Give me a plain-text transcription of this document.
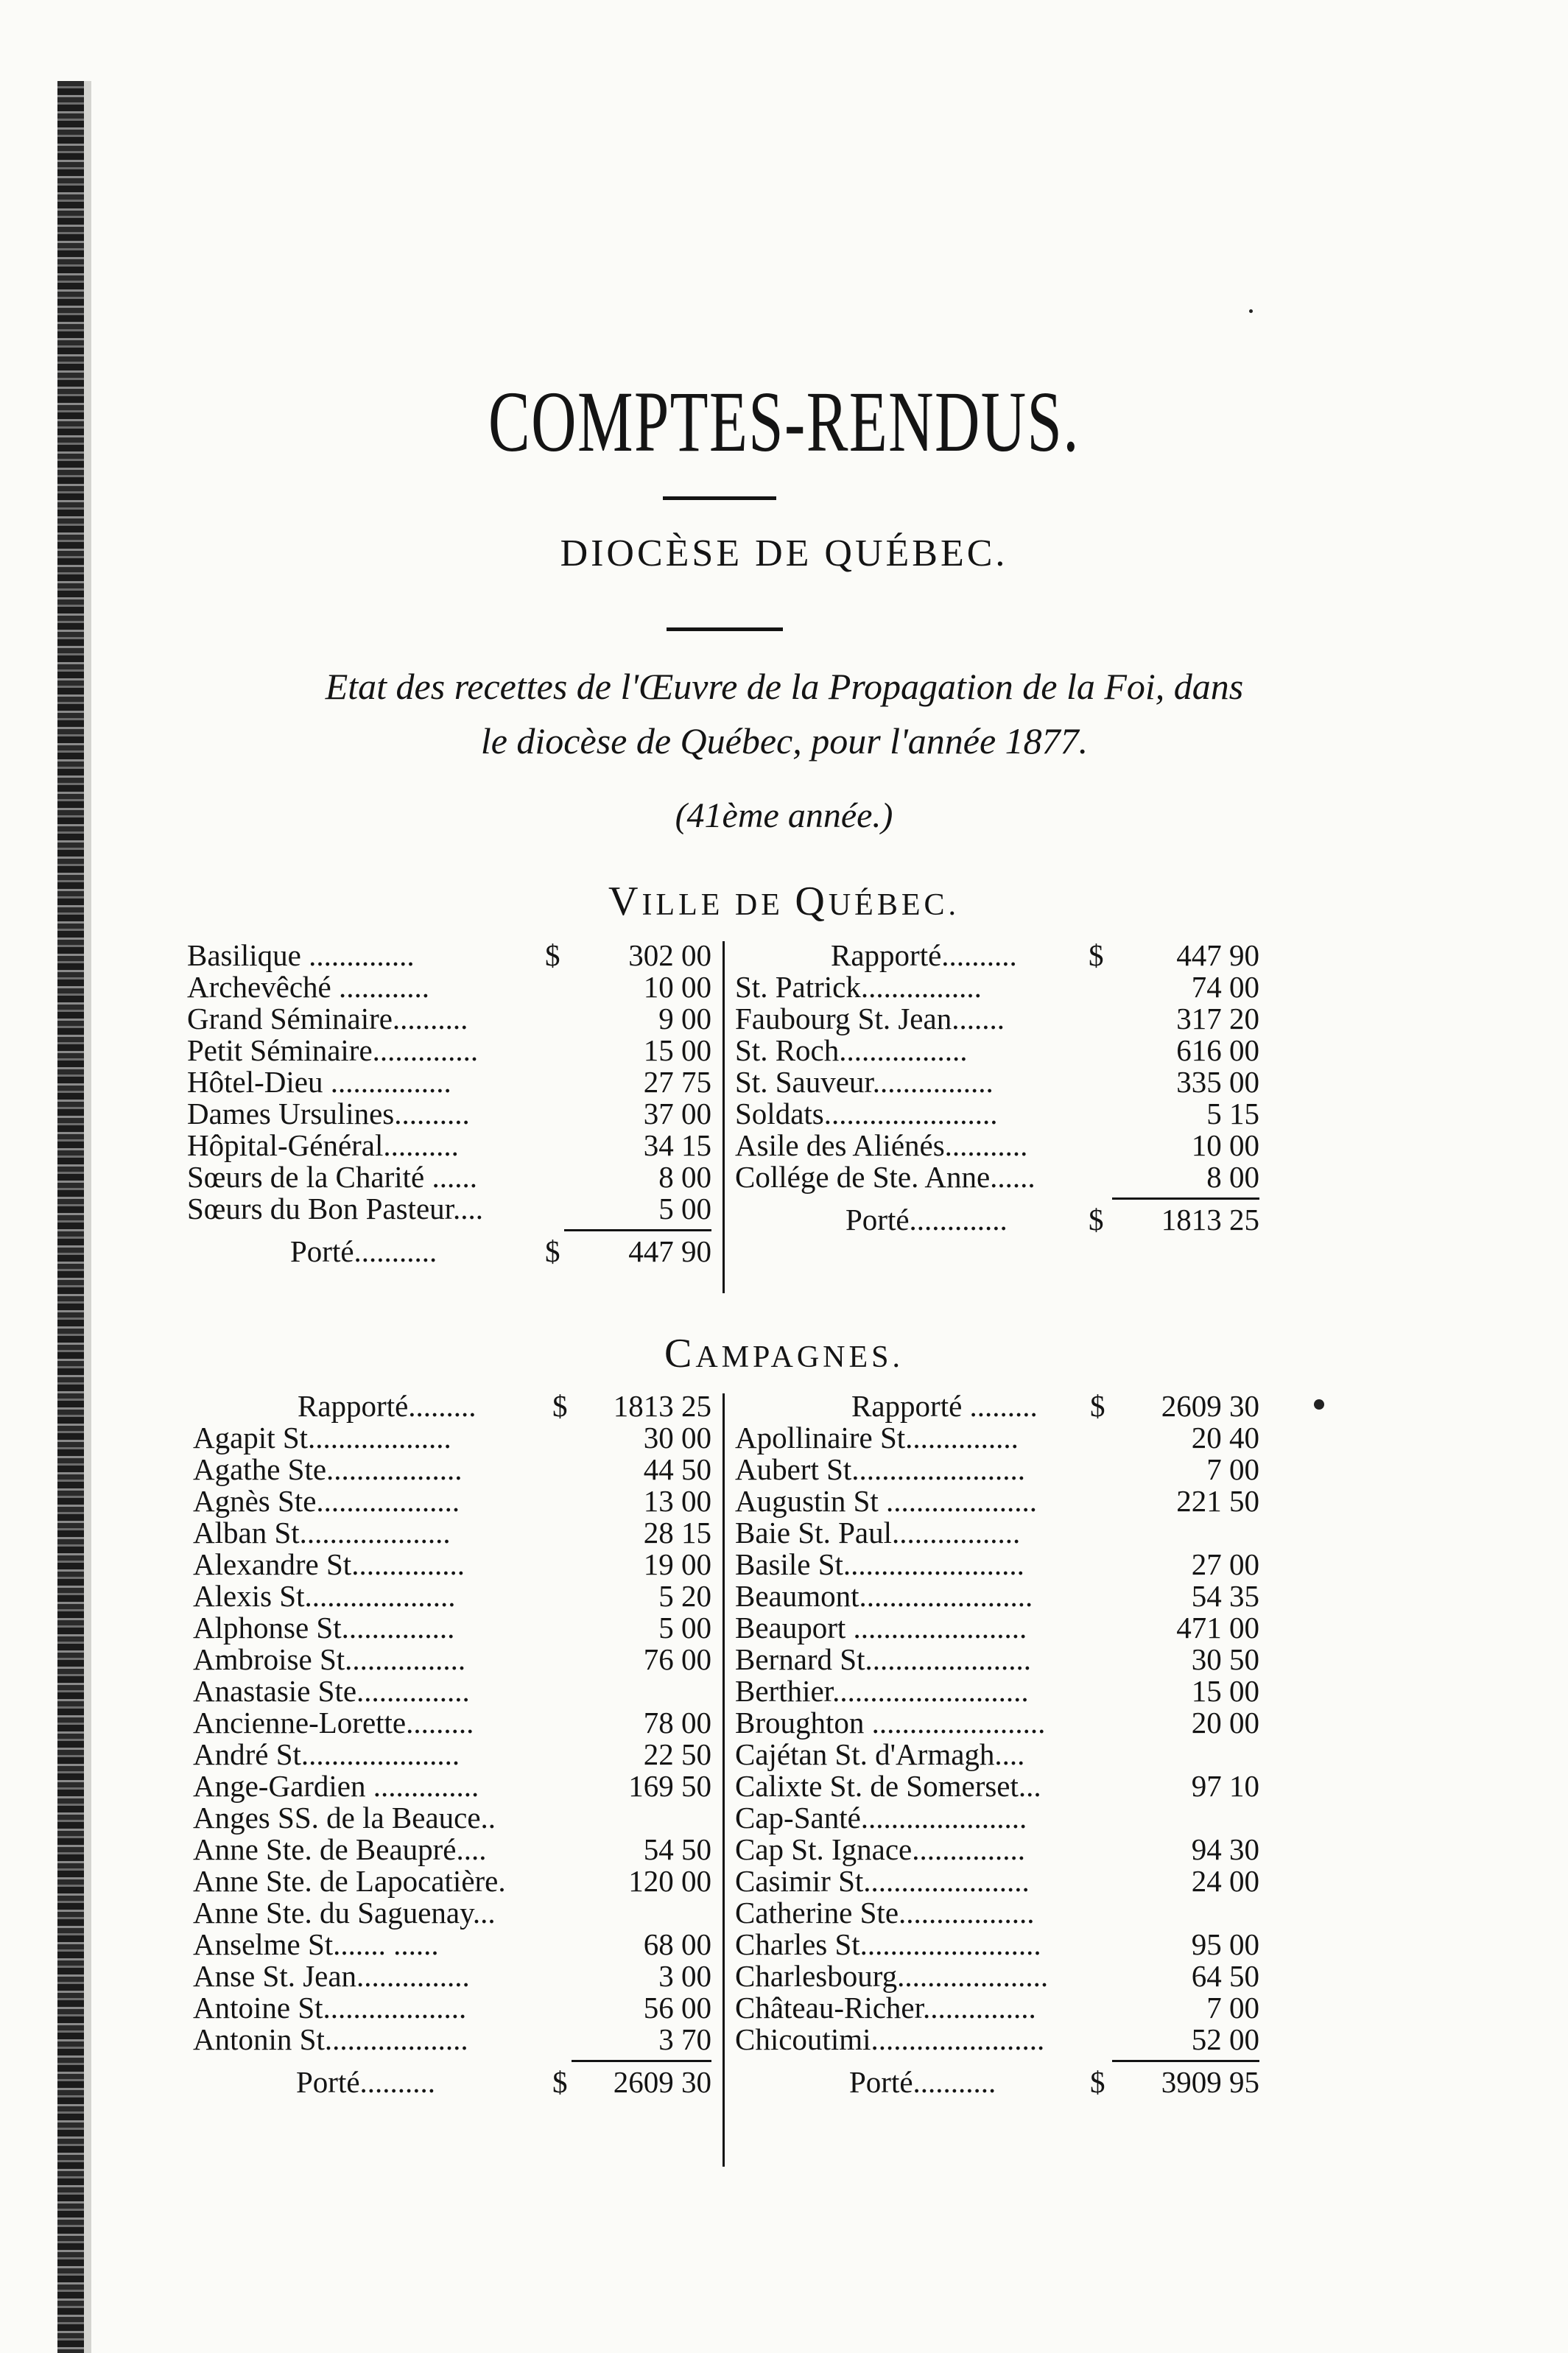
COMPTES-RENDUS.
DIOCÈSE DE QUÉBEC.
Etat des recettes de l'Œuvre de la Propagation de la Foi, dans
le diocèse de Québec, pour l'année 1877.
(41ème année.)
VILLE DE QUÉBEC.
Basilique ..............	$ 302 00
Archevêché ............	10 00
Grand Séminaire..........	9 00
Petit Séminaire..............	15 00
Hôtel-Dieu ................	27 75
Dames Ursulines..........	37 00
Hôpital-Général..........	34 15
Sœurs de la Charité ......	8 00
Sœurs du Bon Pasteur....	5 00
Porté...........	$ 447 90
Rapporté.......... $ 447 90
St. Patrick................	74 00
Faubourg St. Jean.......	317 20
St. Roch.................	616 00
St. Sauveur................	335 00
Soldats.......................	5 15
Asile des Aliénés...........	10 00
Collége de Ste. Anne......	8 00
Porté.............	$ 1813 25
CAMPAGNES.
Rapporté.........	$ 1813 25
Agapit St...................	30 00
Agathe Ste..................	44 50
Agnès Ste...................	13 00
Alban St....................	28 15
Alexandre St...............	19 00
Alexis St....................	5 20
Alphonse St...............	5 00
Ambroise St................	76 00
Anastasie Ste...............
Ancienne-Lorette.........	78 00
André St.....................	22 50
Ange-Gardien ..............	169 50
Anges SS. de la Beauce..
Anne Ste. de Beaupré....	54 50
Anne Ste. de Lapocatière.	120 00
Anne Ste. du Saguenay...
Anselme St....... ......	68 00
Anse St. Jean...............	3 00
Antoine St...................	56 00
Antonin St...................	3 70
Porté..........	$ 2609 30
Rapporté ......... $ 2609 30
Apollinaire St...............	20 40
Aubert St.......................	7 00
Augustin St ....................	221 50
Baie St. Paul.................
Basile St........................	27 00
Beaumont.......................	54 35
Beauport .......................	471 00
Bernard St......................	30 50
Berthier..........................	15 00
Broughton .......................	20 00
Cajétan St. d'Armagh....
Calixte St. de Somerset...	97 10
Cap-Santé......................
Cap St. Ignace...............	94 30
Casimir St......................	24 00
Catherine Ste..................
Charles St........................	95 00
Charlesbourg....................	64 50
Château-Richer...............	7 00
Chicoutimi.......................	52 00
Porté...........	$ 3909 95
